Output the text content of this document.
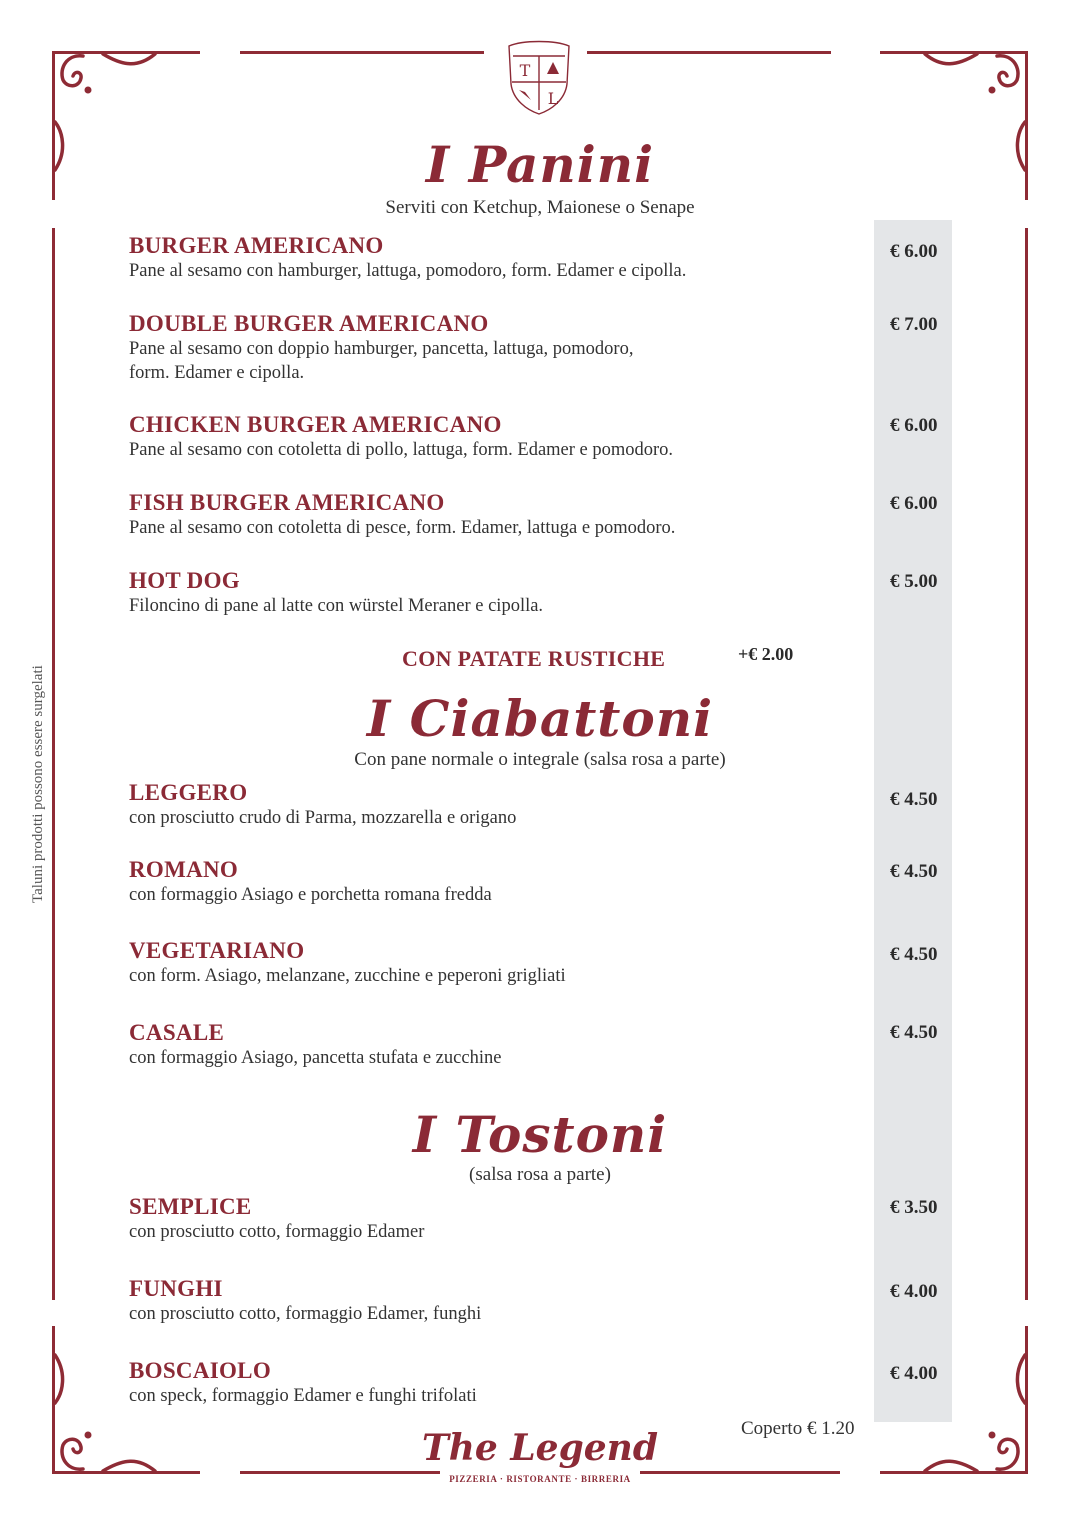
T
L
Taluni prodotti possono essere surgelati
I Panini
Serviti con Ketchup, Maionese o Senape
BURGER AMERICANO
Pane al sesamo con hamburger, lattuga, pomodoro, form. Edamer e cipolla.
€ 6.00
DOUBLE BURGER AMERICANO
Pane al sesamo con doppio hamburger, pancetta, lattuga, pomodoro,
form. Edamer e cipolla.
€ 7.00
CHICKEN BURGER AMERICANO
Pane al sesamo con cotoletta di pollo, lattuga, form. Edamer e pomodoro.
€ 6.00
FISH BURGER AMERICANO
Pane al sesamo con cotoletta di pesce, form. Edamer, lattuga e pomodoro.
€ 6.00
HOT DOG
Filoncino di pane al latte con würstel Meraner e cipolla.
€ 5.00
CON PATATE RUSTICHE	+€ 2.00
I Ciabattoni
Con pane normale o integrale (salsa rosa a parte)
LEGGERO
con prosciutto crudo di Parma, mozzarella e origano
€ 4.50
ROMANO
con formaggio Asiago e porchetta romana fredda
€ 4.50
VEGETARIANO
con form. Asiago, melanzane, zucchine e peperoni grigliati
€ 4.50
CASALE
con formaggio Asiago, pancetta stufata e zucchine
€ 4.50
I Tostoni
(salsa rosa a parte)
SEMPLICE
con prosciutto cotto, formaggio Edamer
€ 3.50
FUNGHI
con prosciutto cotto, formaggio Edamer, funghi
€ 4.00
BOSCAIOLO
con speck, formaggio Edamer e funghi trifolati
€ 4.00
Coperto € 1.20
The Legend
PIZZERIA · RISTORANTE · BIRRERIA
